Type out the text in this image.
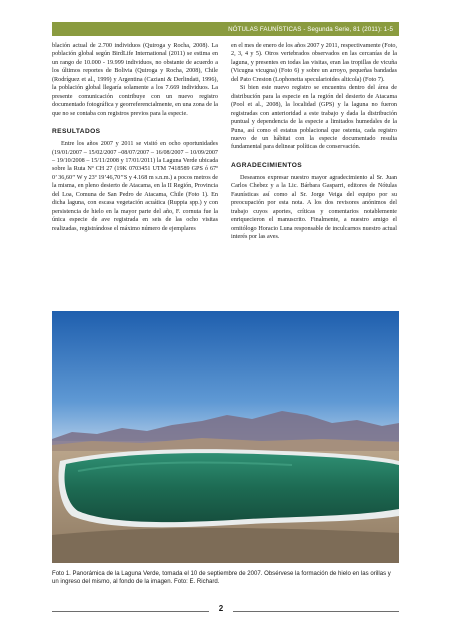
NÓTULAS FAUNÍSTICAS - Segunda Serie, 81 (2011): 1-5

blación actual de 2.700 individuos (Quiroga y Rocha, 2008). La población global según BirdLife International (2011) se estima en un rango de 10.000 - 19.999 individuos, no obstante de acuerdo a los últimos reportes de Bolivia (Quiroga y Rocha, 2008), Chile (Rodríguez et al., 1999) y Argentina (Caziani & Derlindati, 1996), la población global llegaría solamente a los 7.669 individuos. La presente comunicación contribuye con un nuevo registro documentado fotográfica y georreferencialmente, en una zona de la que no se contaba con registros previos para la especie.

RESULTADOS

Entre los años 2007 y 2011 se visitó en ocho oportunidades (19/01/2007 – 15/02/2007 –08/07/2007 – 16/08/2007 – 10/09/2007 – 19/10/2008 – 15/11/2008 y 17/01/2011) la Laguna Verde ubicada sobre la Ruta Nº CH 27 (19K 0703451 UTM 7418589 GPS ó 67º 0’ 36,60’’ W y 23º 19’46,70’’S y 4.168 m s.n.m.) a pocos metros de la misma, en pleno desierto de Atacama, en la II Región, Provincia del Loa, Comuna de San Pedro de Atacama, Chile (Foto 1). En dicha laguna, con escasa vegetación acuática (Ruppia spp.) y con persistencia de hielo en la mayor parte del año, F. cornuta fue la única especie de ave registrada en seis de las ocho visitas realizadas, registrándose el máximo número de ejemplares

en el mes de enero de los años 2007 y 2011, respectivamente (Foto, 2, 3, 4 y 5). Otros vertebrados observados en las cercanías de la laguna, y presentes en todas las visitas, eran las tropillas de vicuña (Vicugna vicugna) (Foto 6) y sobre un arroyo, pequeñas bandadas del Pato Creston (Lophonetta specularioides alticola) (Foto 7).

Si bien este nuevo registro se encuentra dentro del área de distribución para la especie en la región del desierto de Atacama (Pool et al., 2008), la localidad (GPS) y la laguna no fueron registradas con anterioridad a este trabajo y dada la distribución puntual y dependencia de la especie a limitados humedales de la Puna, así como el estatus poblacional que ostenta, cada registro nuevo de un hábitat con la especie documentado resulta fundamental para delinear políticas de conservación.

AGRADECIMIENTOS

Deseamos expresar nuestro mayor agradecimiento al Sr. Juan Carlos Chebez y a la Lic. Bárbara Gasparri, editores de Nótulas Faunísticas así como al Sr. Jorge Veiga del equipo por su preocupación por esta nota. A los dos revisores anónimos del trabajo cuyos aportes, críticas y comentarios notablemente enriquecieron el manuscrito. Finalmente, a nuestro amigo el ornitólogo Horacio Luna responsable de inculcarnos nuestro actual interés por las aves.

Foto 1. Panorámica de la Laguna Verde, tomada el 10 de septiembre de 2007. Obsérvese la formación de hielo en las orillas y un ingreso del mismo, al fondo de la imagen. Foto: E. Richard.

2
